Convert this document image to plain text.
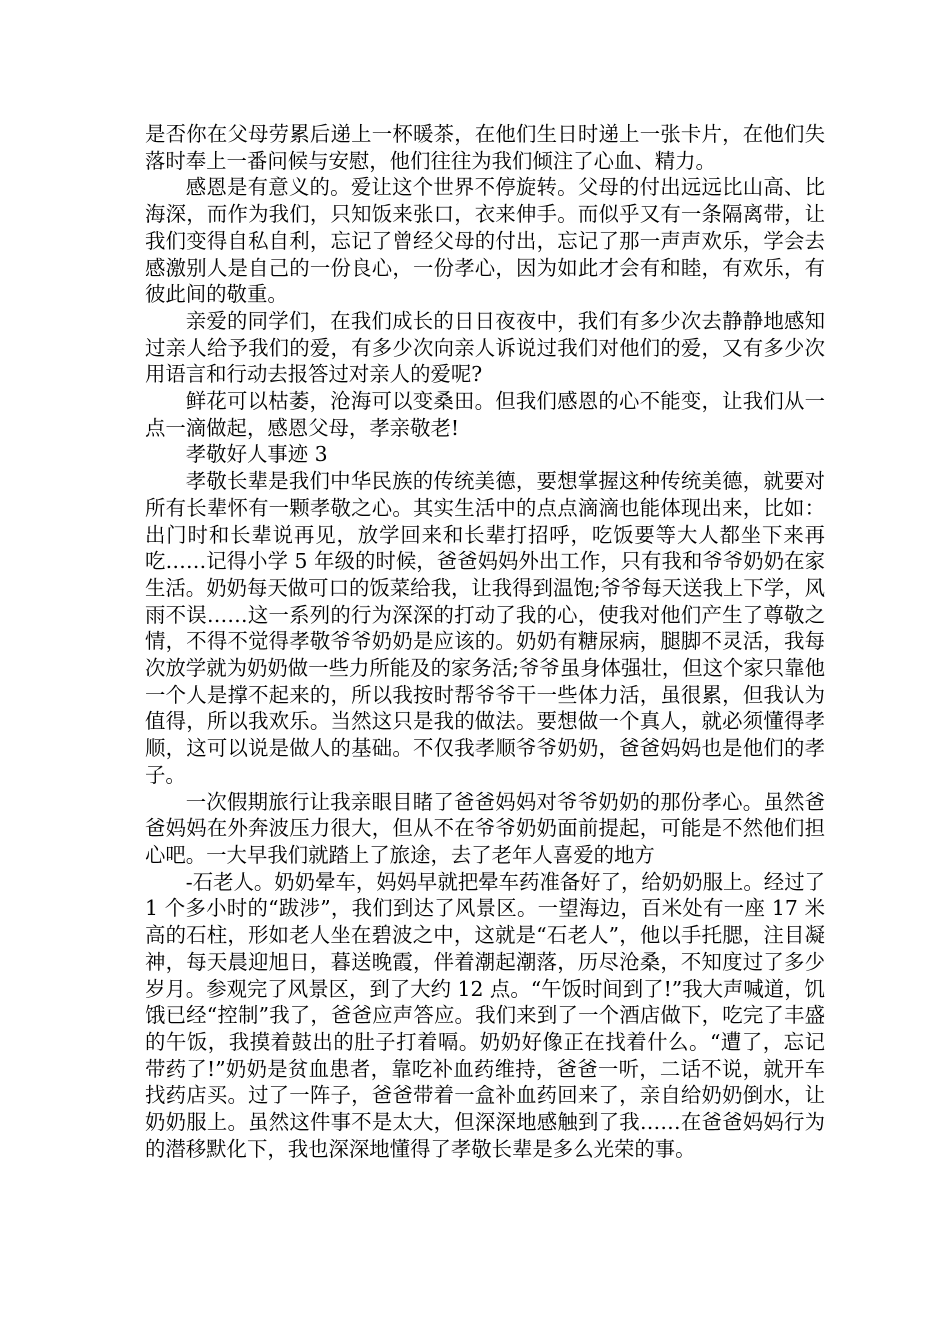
是否你在父母劳累后递上一杯暖茶，在他们生日时递上一张卡片，在他们失落时奉上一番问候与安慰，他们往往为我们倾注了心血、精力。

感恩是有意义的。爱让这个世界不停旋转。父母的付出远远比山高、比海深，而作为我们，只知饭来张口，衣来伸手。而似乎又有一条隔离带，让我们变得自私自利，忘记了曾经父母的付出，忘记了那一声声欢乐，学会去感激别人是自己的一份良心，一份孝心，因为如此才会有和睦，有欢乐，有彼此间的敬重。

亲爱的同学们，在我们成长的日日夜夜中，我们有多少次去静静地感知过亲人给予我们的爱，有多少次向亲人诉说过我们对他们的爱，又有多少次用语言和行动去报答过对亲人的爱呢?

鲜花可以枯萎，沧海可以变桑田。但我们感恩的心不能变，让我们从一点一滴做起，感恩父母，孝亲敬老!

孝敬好人事迹 3

孝敬长辈是我们中华民族的传统美德，要想掌握这种传统美德，就要对所有长辈怀有一颗孝敬之心。其实生活中的点点滴滴也能体现出来，比如：出门时和长辈说再见，放学回来和长辈打招呼，吃饭要等大人都坐下来再吃……记得小学 5 年级的时候，爸爸妈妈外出工作，只有我和爷爷奶奶在家生活。奶奶每天做可口的饭菜给我，让我得到温饱;爷爷每天送我上下学，风雨不误……这一系列的行为深深的打动了我的心，使我对他们产生了尊敬之情，不得不觉得孝敬爷爷奶奶是应该的。奶奶有糖尿病，腿脚不灵活，我每次放学就为奶奶做一些力所能及的家务活;爷爷虽身体强壮，但这个家只靠他一个人是撑不起来的，所以我按时帮爷爷干一些体力活，虽很累，但我认为值得，所以我欢乐。当然这只是我的做法。要想做一个真人，就必须懂得孝顺，这可以说是做人的基础。不仅我孝顺爷爷奶奶，爸爸妈妈也是他们的孝子。

一次假期旅行让我亲眼目睹了爸爸妈妈对爷爷奶奶的那份孝心。虽然爸爸妈妈在外奔波压力很大，但从不在爷爷奶奶面前提起，可能是不然他们担心吧。一大早我们就踏上了旅途，去了老年人喜爱的地方

-石老人。奶奶晕车，妈妈早就把晕车药准备好了，给奶奶服上。经过了 1 个多小时的“跋涉”，我们到达了风景区。一望海边，百米处有一座 17 米高的石柱，形如老人坐在碧波之中，这就是“石老人”，他以手托腮，注目凝神，每天晨迎旭日，暮送晚霞，伴着潮起潮落，历尽沧桑，不知度过了多少岁月。参观完了风景区，到了大约 12 点。“午饭时间到了!”我大声喊道，饥饿已经“控制”我了，爸爸应声答应。我们来到了一个酒店做下，吃完了丰盛的午饭，我摸着鼓出的肚子打着嗝。奶奶好像正在找着什么。“遭了，忘记带药了!”奶奶是贫血患者，靠吃补血药维持，爸爸一听，二话不说，就开车找药店买。过了一阵子，爸爸带着一盒补血药回来了，亲自给奶奶倒水，让奶奶服上。虽然这件事不是太大，但深深地感触到了我……在爸爸妈妈行为的潜移默化下，我也深深地懂得了孝敬长辈是多么光荣的事。
